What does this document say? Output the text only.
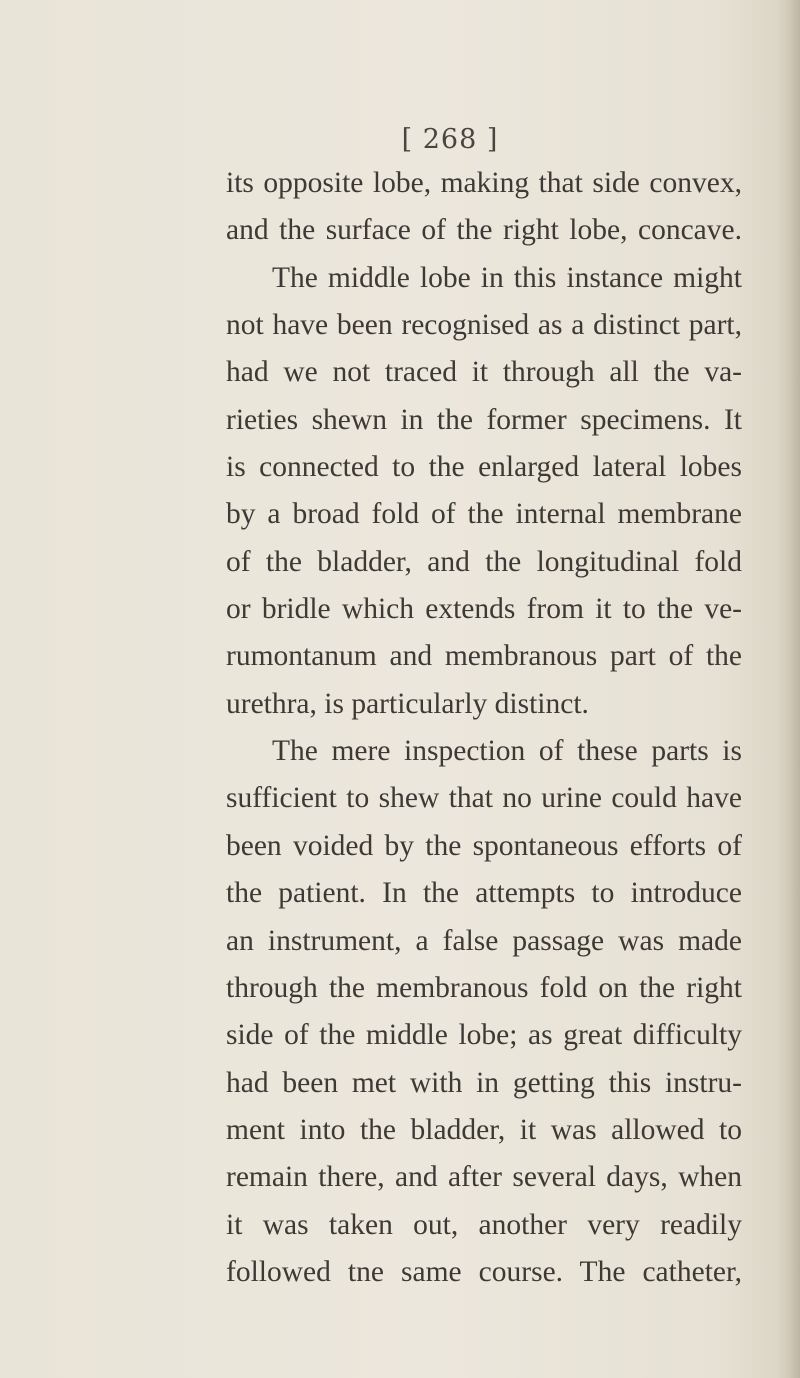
[ 268 ]
its opposite lobe, making that side convex,
and the surface of the right lobe, concave.
The middle lobe in this instance might
not have been recognised as a distinct part,
had we not traced it through all the va-
rieties shewn in the former specimens. It
is connected to the enlarged lateral lobes
by a broad fold of the internal membrane
of the bladder, and the longitudinal fold
or bridle which extends from it to the ve-
rumontanum and membranous part of the
urethra, is particularly distinct.
The mere inspection of these parts is
sufficient to shew that no urine could have
been voided by the spontaneous efforts of
the patient. In the attempts to introduce
an instrument, a false passage was made
through the membranous fold on the right
side of the middle lobe; as great difficulty
had been met with in getting this instru-
ment into the bladder, it was allowed to
remain there, and after several days, when
it was taken out, another very readily
followed tne same course. The catheter,
